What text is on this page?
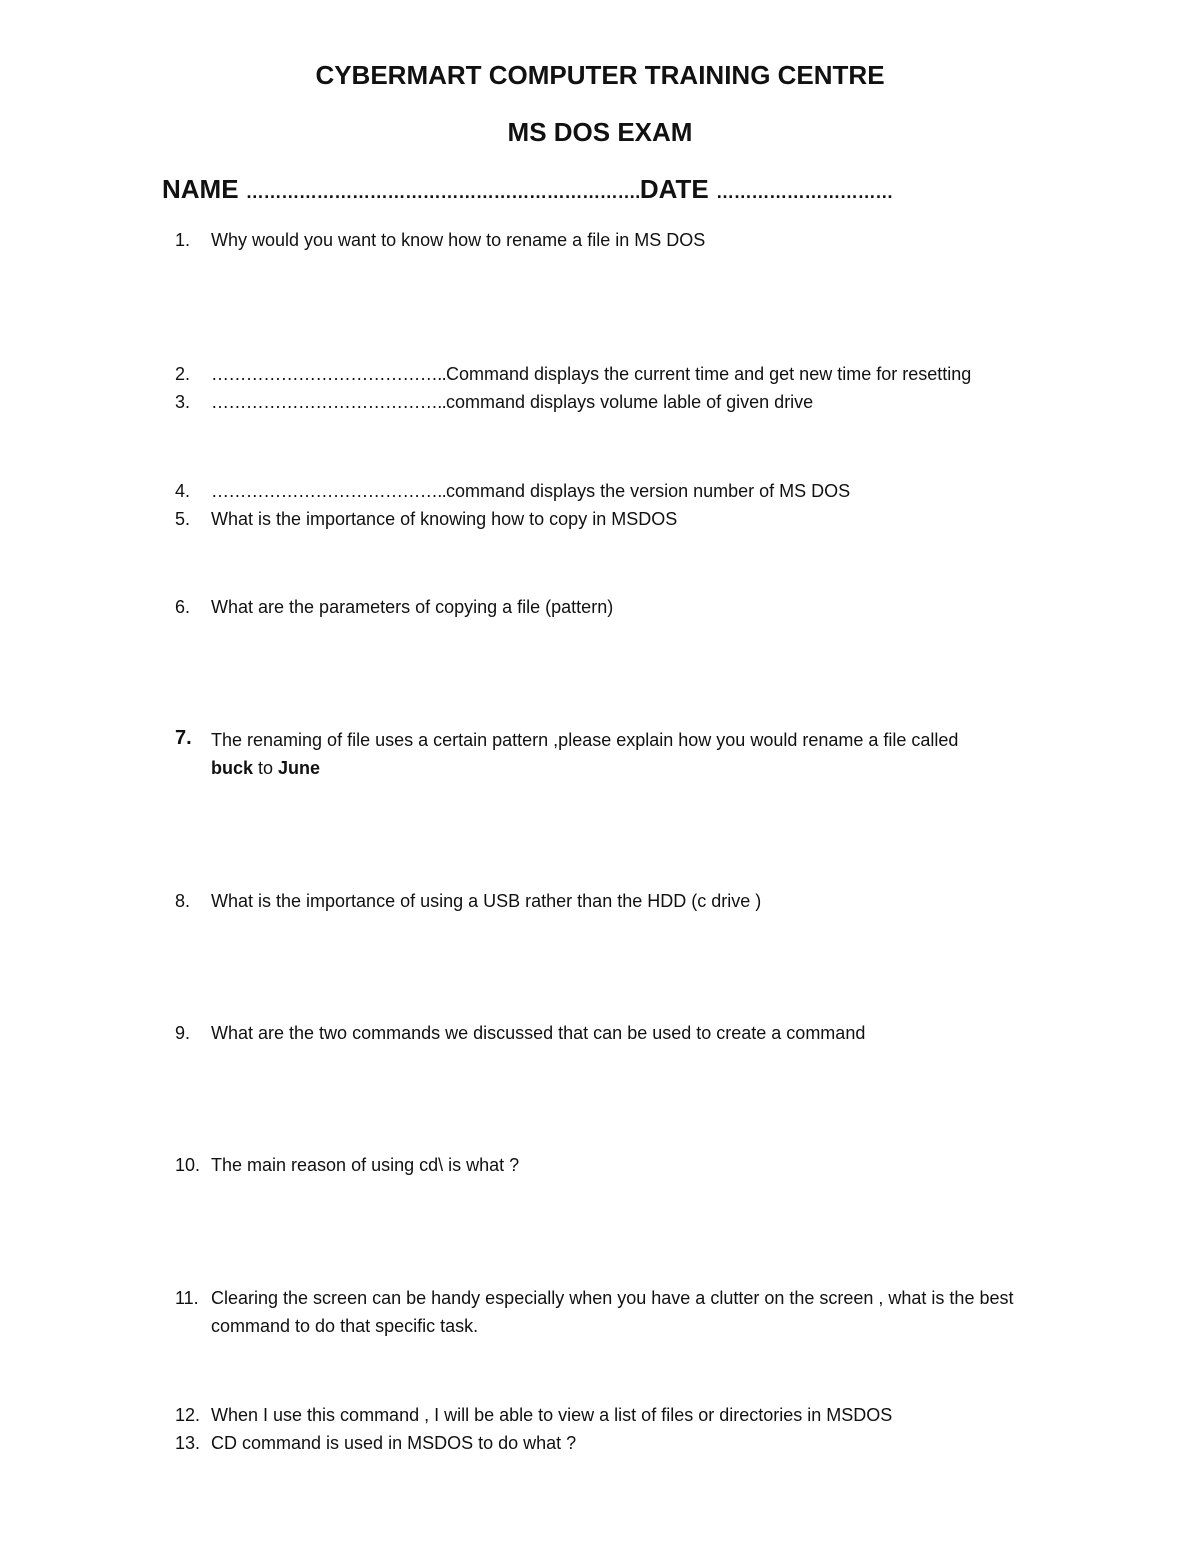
CYBERMART COMPUTER TRAINING CENTRE
MS DOS EXAM
NAME ………………………………………………………….DATE …………………………
1. Why would you want to know how to rename a file in MS DOS
2. …………………………………..Command displays the current time and get new time for resetting
3. …………………………………..command displays volume lable of given drive
4. …………………………………..command displays the version number of MS DOS
5. What is the importance of knowing how to copy in MSDOS
6. What are the parameters of copying a file (pattern)
7. The renaming of file uses a certain pattern ,please explain how you would rename a file called
buck to June
8. What is the importance of using a USB rather than the HDD (c drive )
9. What are the two commands we discussed that can be used to create a command
10. The main reason of using cd\ is what ?
11. Clearing the screen can be handy especially when you have a clutter on the screen , what is the best command to do that specific task.
12. When I use this command , I will be able to view a list of files or directories in MSDOS
13. CD command is used in MSDOS to do what ?
